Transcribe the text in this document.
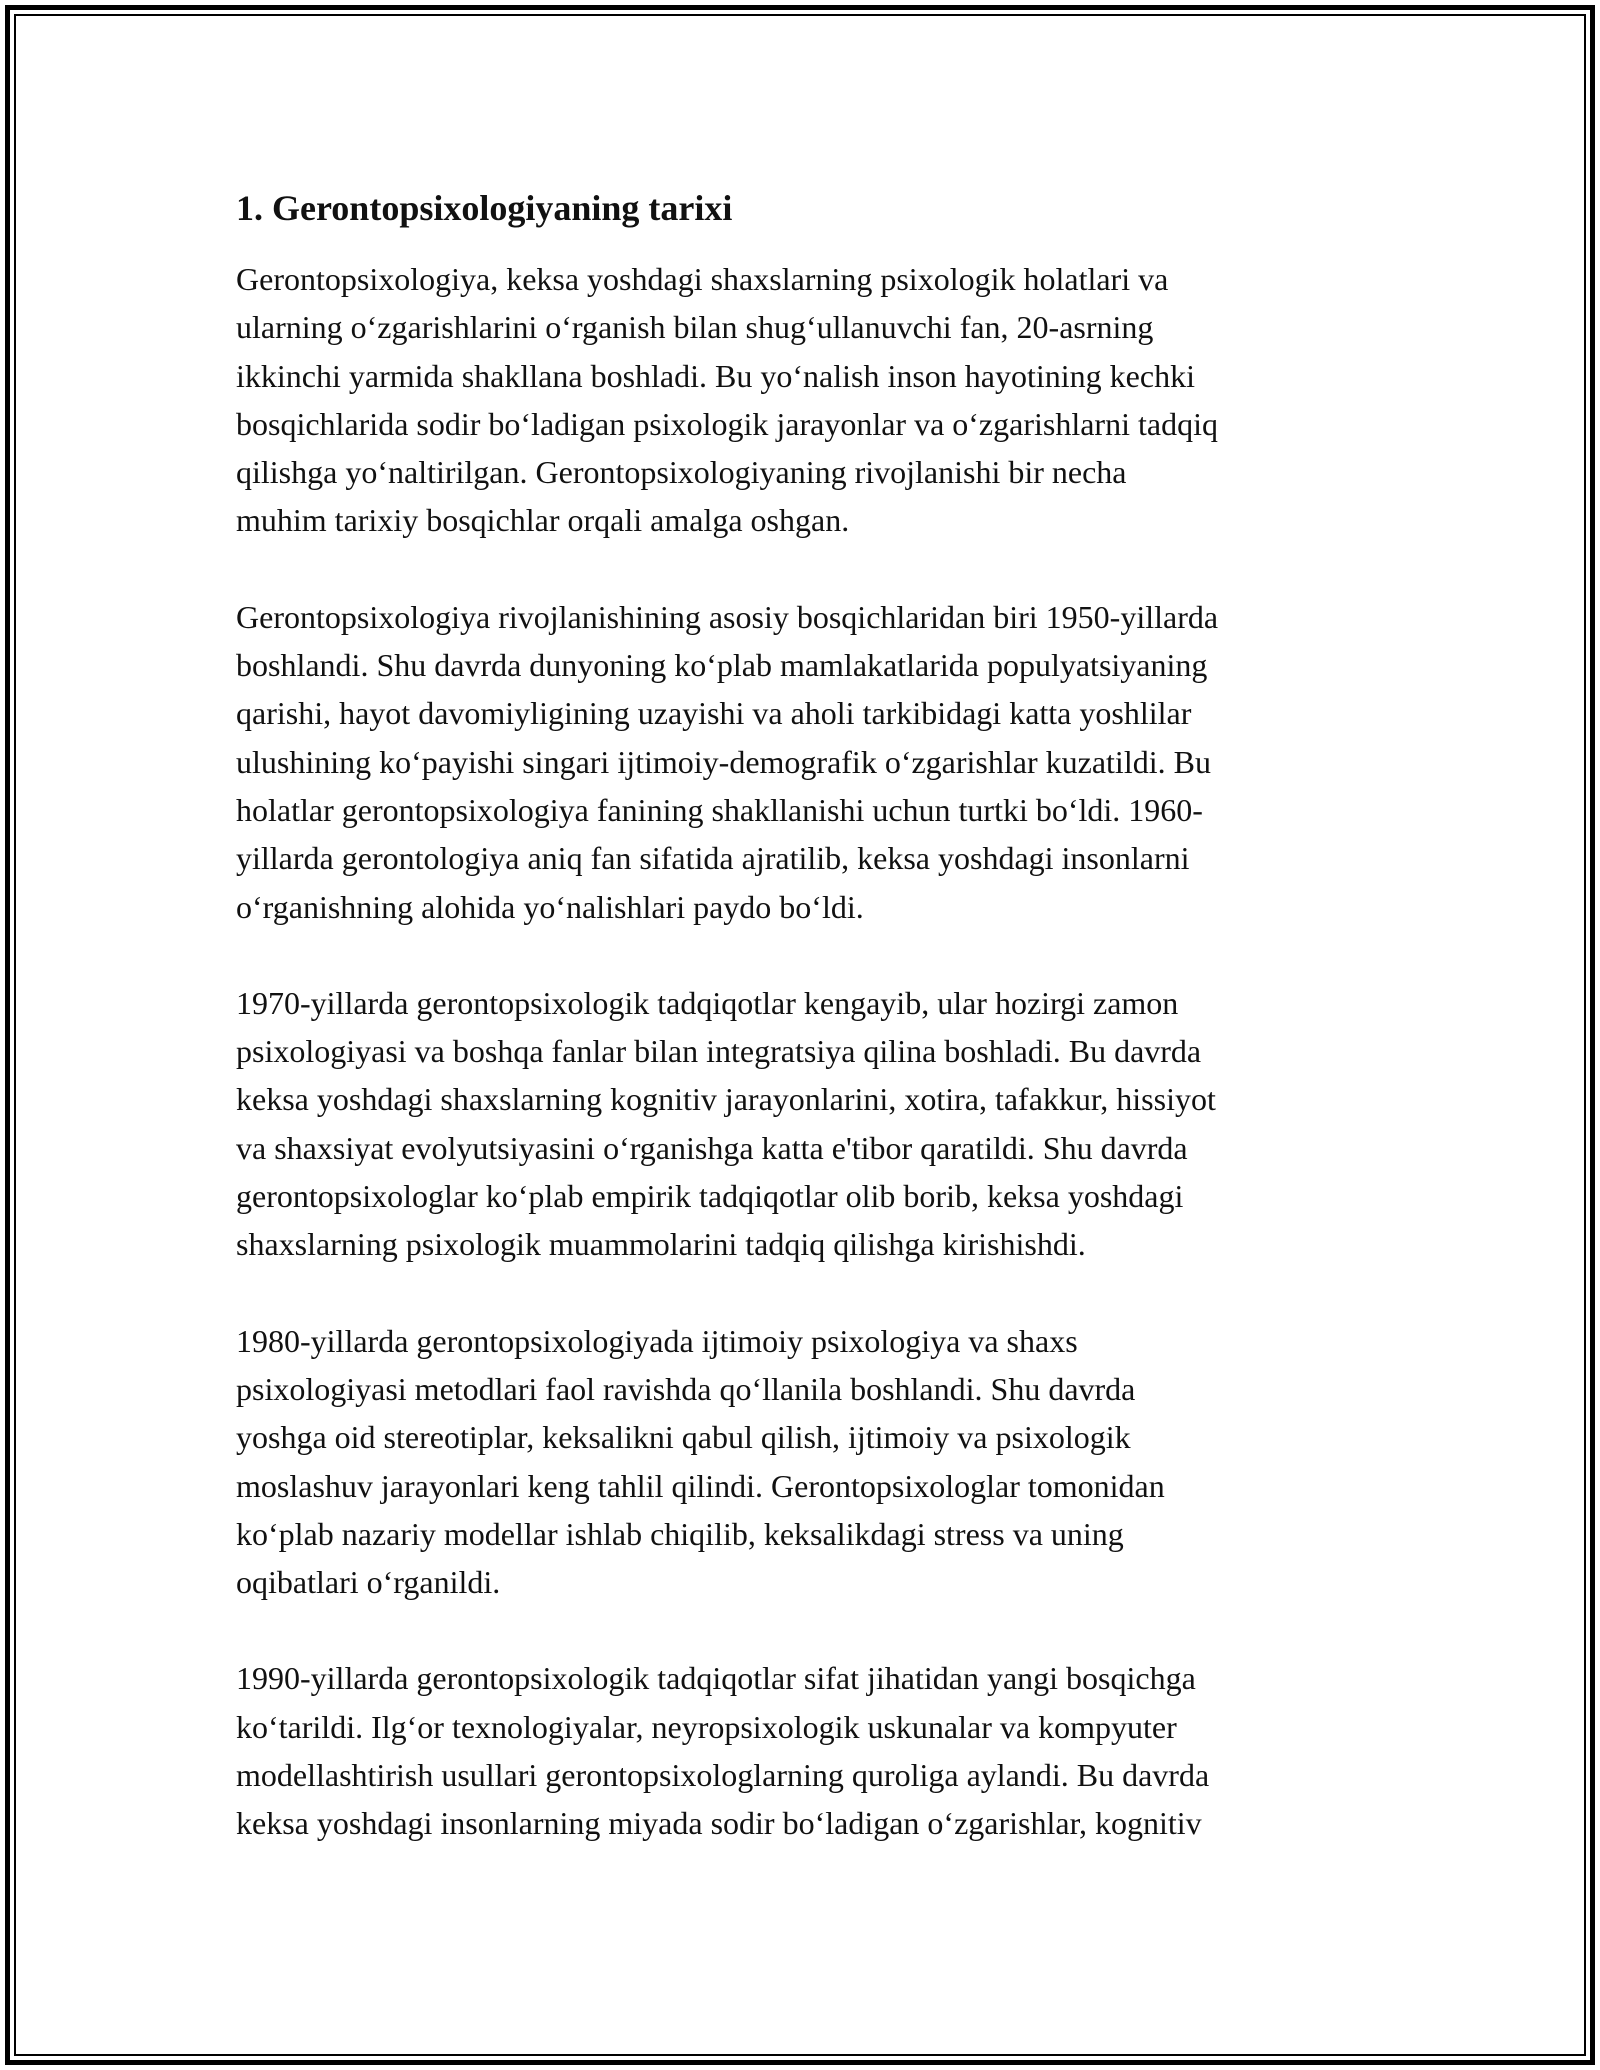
1. Gerontopsixologiyaning tarixi

Gerontopsixologiya, keksa yoshdagi shaxslarning psixologik holatlari va
ularning o‘zgarishlarini o‘rganish bilan shug‘ullanuvchi fan, 20-asrning
ikkinchi yarmida shakllana boshladi. Bu yo‘nalish inson hayotining kechki
bosqichlarida sodir bo‘ladigan psixologik jarayonlar va o‘zgarishlarni tadqiq
qilishga yo‘naltirilgan. Gerontopsixologiyaning rivojlanishi bir necha
muhim tarixiy bosqichlar orqali amalga oshgan.

Gerontopsixologiya rivojlanishining asosiy bosqichlaridan biri 1950-yillarda
boshlandi. Shu davrda dunyoning ko‘plab mamlakatlarida populyatsiyaning
qarishi, hayot davomiyligining uzayishi va aholi tarkibidagi katta yoshlilar
ulushining ko‘payishi singari ijtimoiy-demografik o‘zgarishlar kuzatildi. Bu
holatlar gerontopsixologiya fanining shakllanishi uchun turtki bo‘ldi. 1960-
yillarda gerontologiya aniq fan sifatida ajratilib, keksa yoshdagi insonlarni
o‘rganishning alohida yo‘nalishlari paydo bo‘ldi.

1970-yillarda gerontopsixologik tadqiqotlar kengayib, ular hozirgi zamon
psixologiyasi va boshqa fanlar bilan integratsiya qilina boshladi. Bu davrda
keksa yoshdagi shaxslarning kognitiv jarayonlarini, xotira, tafakkur, hissiyot
va shaxsiyat evolyutsiyasini o‘rganishga katta e'tibor qaratildi. Shu davrda
gerontopsixologlar ko‘plab empirik tadqiqotlar olib borib, keksa yoshdagi
shaxslarning psixologik muammolarini tadqiq qilishga kirishishdi.

1980-yillarda gerontopsixologiyada ijtimoiy psixologiya va shaxs
psixologiyasi metodlari faol ravishda qo‘llanila boshlandi. Shu davrda
yoshga oid stereotiplar, keksalikni qabul qilish, ijtimoiy va psixologik
moslashuv jarayonlari keng tahlil qilindi. Gerontopsixologlar tomonidan
ko‘plab nazariy modellar ishlab chiqilib, keksalikdagi stress va uning
oqibatlari o‘rganildi.

1990-yillarda gerontopsixologik tadqiqotlar sifat jihatidan yangi bosqichga
ko‘tarildi. Ilg‘or texnologiyalar, neyropsixologik uskunalar va kompyuter
modellashtirish usullari gerontopsixologlarning quroliga aylandi. Bu davrda
keksa yoshdagi insonlarning miyada sodir bo‘ladigan o‘zgarishlar, kognitiv
